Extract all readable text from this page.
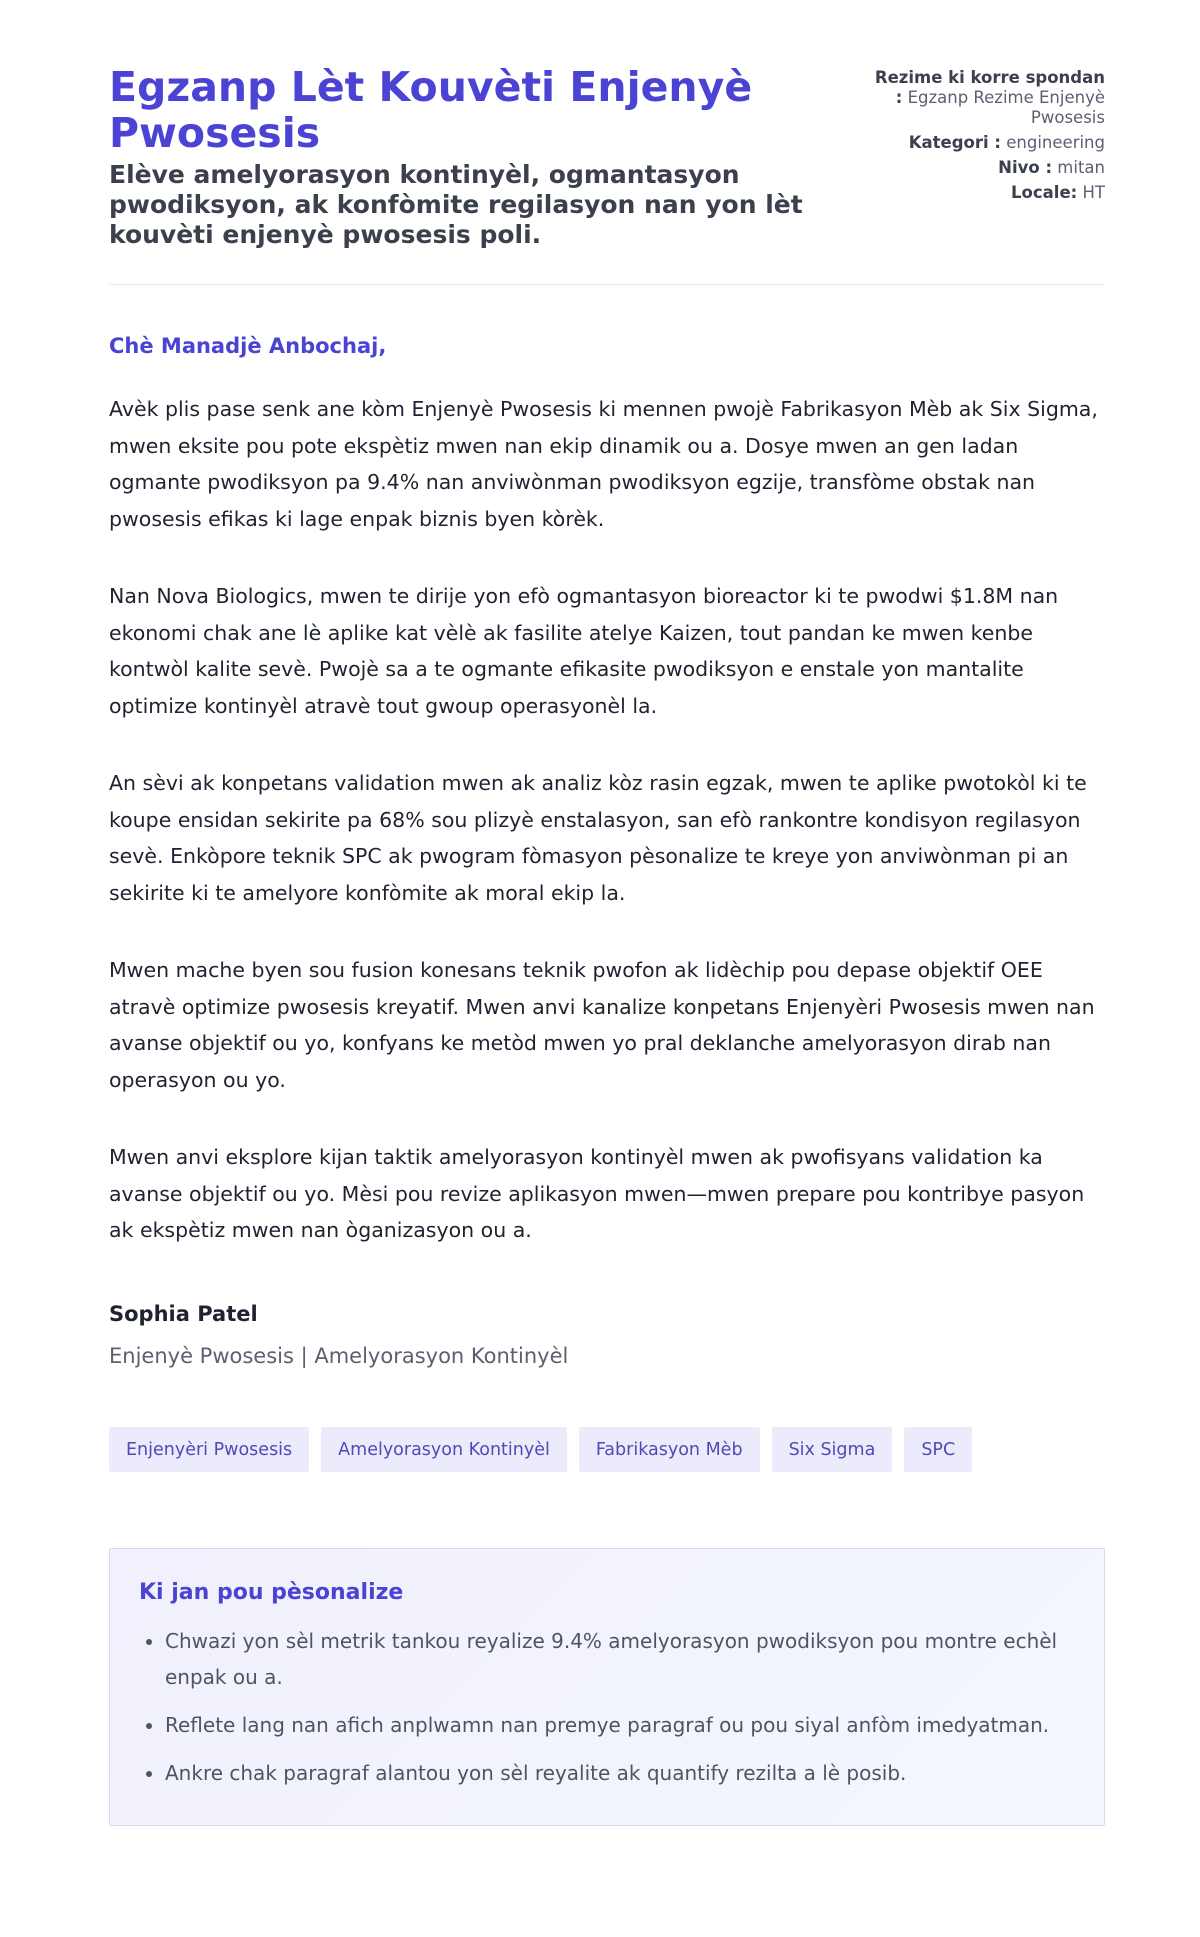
Egzanp Lèt Kouvèti Enjenyè Pwosesis

Elève amelyorasyon kontinyèl, ogmantasyon pwodiksyon, ak konfòmite regilasyon nan yon lèt kouvèti enjenyè pwosesis poli.

Rezime ki korre spondan : Egzanp Rezime Enjenyè Pwosesis
Kategori : engineering
Nivo : mitan
Locale: HT
Chè Manadjè Anbochaj,

Avèk plis pase senk ane kòm Enjenyè Pwosesis ki mennen pwojè Fabrikasyon Mèb ak Six Sigma, mwen eksite pou pote ekspètiz mwen nan ekip dinamik ou a. Dosye mwen an gen ladan ogmante pwodiksyon pa 9.4% nan anviwònman pwodiksyon egzije, transfòme obstak nan pwosesis efikas ki lage enpak biznis byen kòrèk.

Nan Nova Biologics, mwen te dirije yon efò ogmantasyon bioreactor ki te pwodwi $1.8M nan ekonomi chak ane lè aplike kat vèlè ak fasilite atelye Kaizen, tout pandan ke mwen kenbe kontwòl kalite sevè. Pwojè sa a te ogmante efikasite pwodiksyon e enstale yon mantalite optimize kontinyèl atravè tout gwoup operasyonèl la.

An sèvi ak konpetans validation mwen ak analiz kòz rasin egzak, mwen te aplike pwotokòl ki te koupe ensidan sekirite pa 68% sou plizyè enstalasyon, san efò rankontre kondisyon regilasyon sevè. Enkòpore teknik SPC ak pwogram fòmasyon pèsonalize te kreye yon anviwònman pi an sekirite ki te amelyore konfòmite ak moral ekip la.

Mwen mache byen sou fusion konesans teknik pwofon ak lidèchip pou depase objektif OEE atravè optimize pwosesis kreyatif. Mwen anvi kanalize konpetans Enjenyèri Pwosesis mwen nan avanse objektif ou yo, konfyans ke metòd mwen yo pral deklanche amelyorasyon dirab nan operasyon ou yo.

Mwen anvi eksplore kijan taktik amelyorasyon kontinyèl mwen ak pwofisyans validation ka avanse objektif ou yo. Mèsi pou revize aplikasyon mwen—mwen prepare pou kontribye pasyon ak ekspètiz mwen nan òganizasyon ou a.

Sophia Patel
Enjenyè Pwosesis | Amelyorasyon Kontinyèl
Enjenyèri Pwosesis	Amelyorasyon Kontinyèl	Fabrikasyon Mèb	Six Sigma	SPC
Ki jan pou pèsonalize
• Chwazi yon sèl metrik tankou reyalize 9.4% amelyorasyon pwodiksyon pou montre echèl enpak ou a.
• Reflete lang nan afich anplwamn nan premye paragraf ou pou siyal anfòm imedyatman.
• Ankre chak paragraf alantou yon sèl reyalite ak quantify rezilta a lè posib.
